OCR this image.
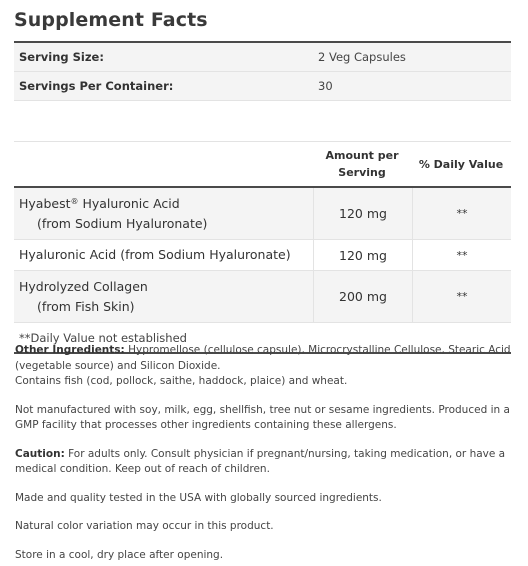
Supplement Facts
Serving Size:	2 Veg Capsules
Servings Per Container:	30
Amount per
Serving
% Daily Value
Hyabest® Hyaluronic Acid
(from Sodium Hyaluronate)
120 mg	**
Hyaluronic Acid (from Sodium Hyaluronate)	120 mg	**
Hydrolyzed Collagen
(from Fish Skin)
200 mg	**
**Daily Value not established

Other Ingredients: Hypromellose (cellulose capsule), Microcrystalline Cellulose, Stearic Acid (vegetable source) and Silicon Dioxide.

Contains fish (cod, pollock, saithe, haddock, plaice) and wheat.

Not manufactured with soy, milk, egg, shellfish, tree nut or sesame ingredients. Produced in a GMP facility that processes other ingredients containing these allergens.

Caution: For adults only. Consult physician if pregnant/nursing, taking medication, or have a medical condition. Keep out of reach of children.

Made and quality tested in the USA with globally sourced ingredients.

Natural color variation may occur in this product.

Store in a cool, dry place after opening.
